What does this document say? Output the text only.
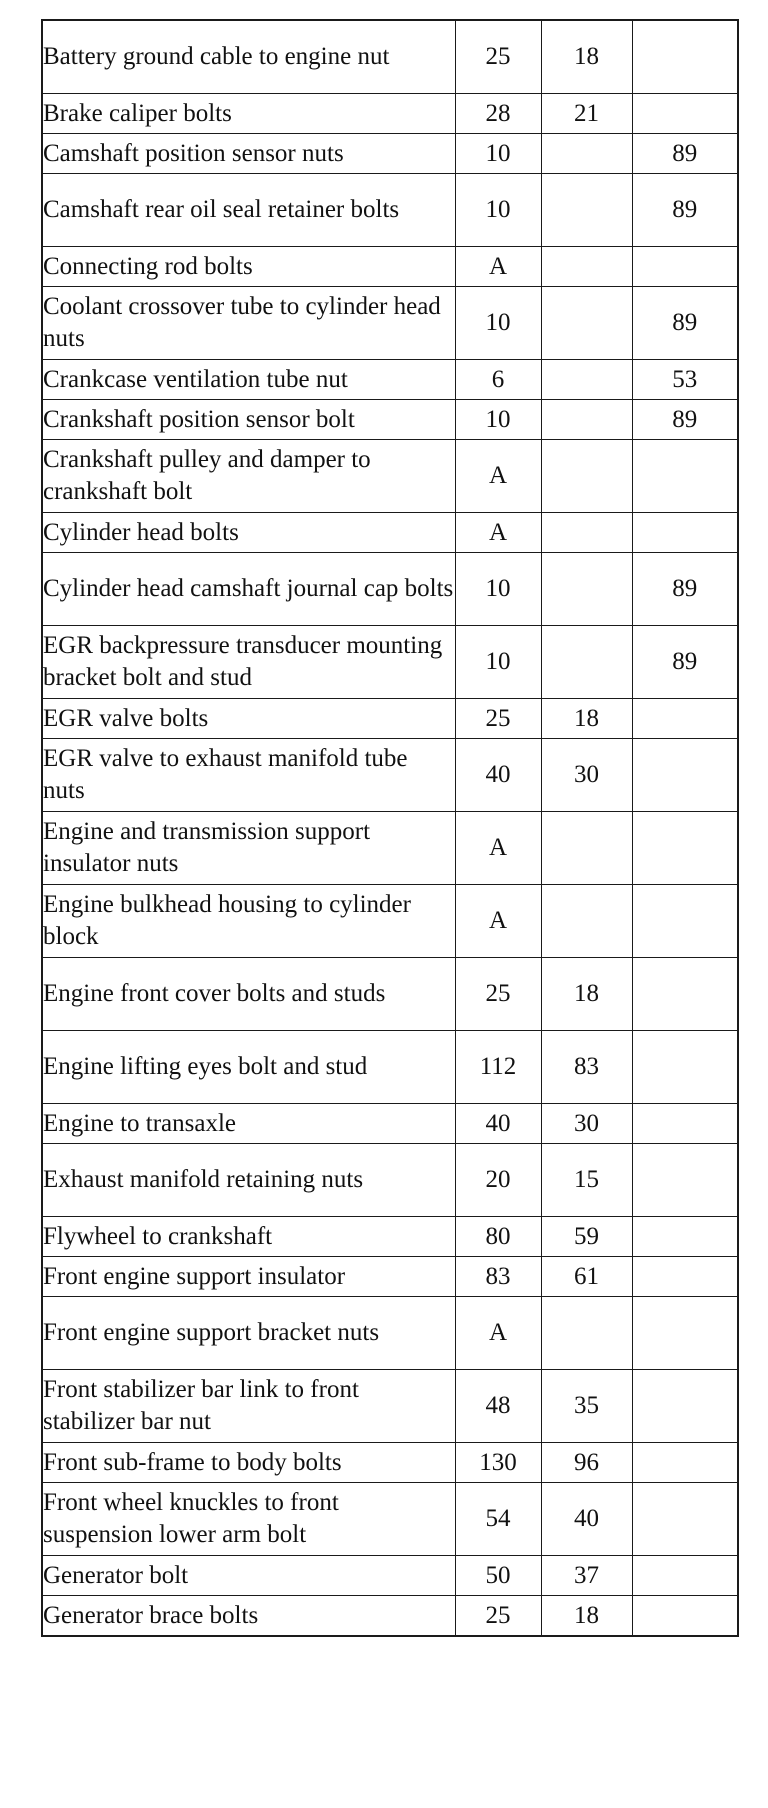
Battery ground cable to engine nut	25	18	
Brake caliper bolts	28	21	
Camshaft position sensor nuts	10		89
Camshaft rear oil seal retainer bolts	10		89
Connecting rod bolts	A		
Coolant crossover tube to cylinder head nuts	10		89
Crankcase ventilation tube nut	6		53
Crankshaft position sensor bolt	10		89
Crankshaft pulley and damper to crankshaft bolt	A		
Cylinder head bolts	A		
Cylinder head camshaft journal cap bolts	10		89
EGR backpressure transducer mounting bracket bolt and stud	10		89
EGR valve bolts	25	18	
EGR valve to exhaust manifold tube nuts	40	30	
Engine and transmission support insulator nuts	A		
Engine bulkhead housing to cylinder block	A		
Engine front cover bolts and studs	25	18	
Engine lifting eyes bolt and stud	112	83	
Engine to transaxle	40	30	
Exhaust manifold retaining nuts	20	15	
Flywheel to crankshaft	80	59	
Front engine support insulator	83	61	
Front engine support bracket nuts	A		
Front stabilizer bar link to front stabilizer bar nut	48	35	
Front sub-frame to body bolts	130	96	
Front wheel knuckles to front suspension lower arm bolt	54	40	
Generator bolt	50	37	
Generator brace bolts	25	18	
